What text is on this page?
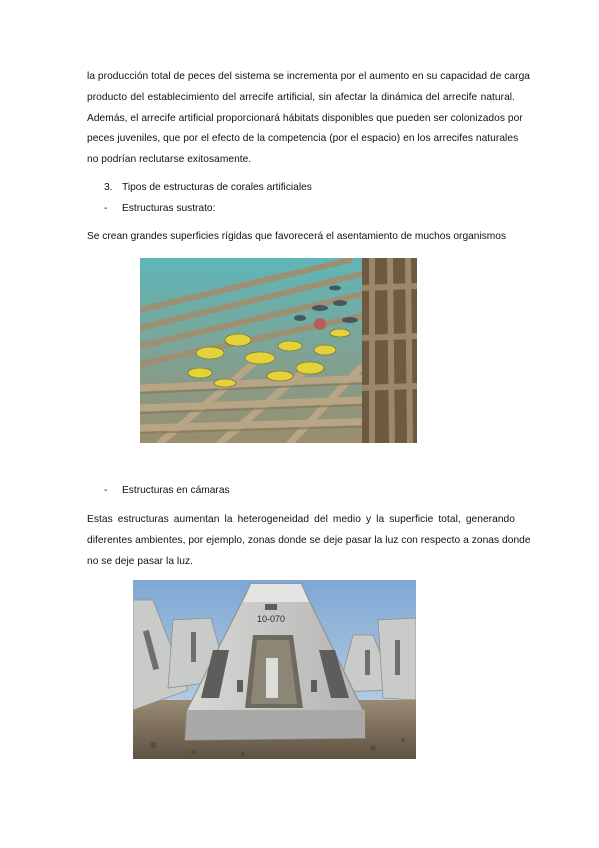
la producción total de peces del sistema se incrementa por el aumento en su capacidad de carga
producto del establecimiento del arrecife artificial, sin afectar la dinámica del arrecife natural.
Además, el arrecife artificial proporcionará hábitats disponibles que pueden ser colonizados por
peces juveniles, que por el efecto de la competencia (por el espacio) en los arrecifes naturales
no podrían reclutarse exitosamente.
3. Tipos de estructuras de corales artificiales
- Estructuras sustrato:
Se crean grandes superficies rígidas que favorecerá el asentamiento de muchos organismos
- Estructuras en cámaras
Estas estructuras aumentan la heterogeneidad del medio y la superficie total, generando
diferentes ambientes, por ejemplo, zonas donde se deje pasar la luz con respecto a zonas donde
no se deje pasar la luz.
10-070
